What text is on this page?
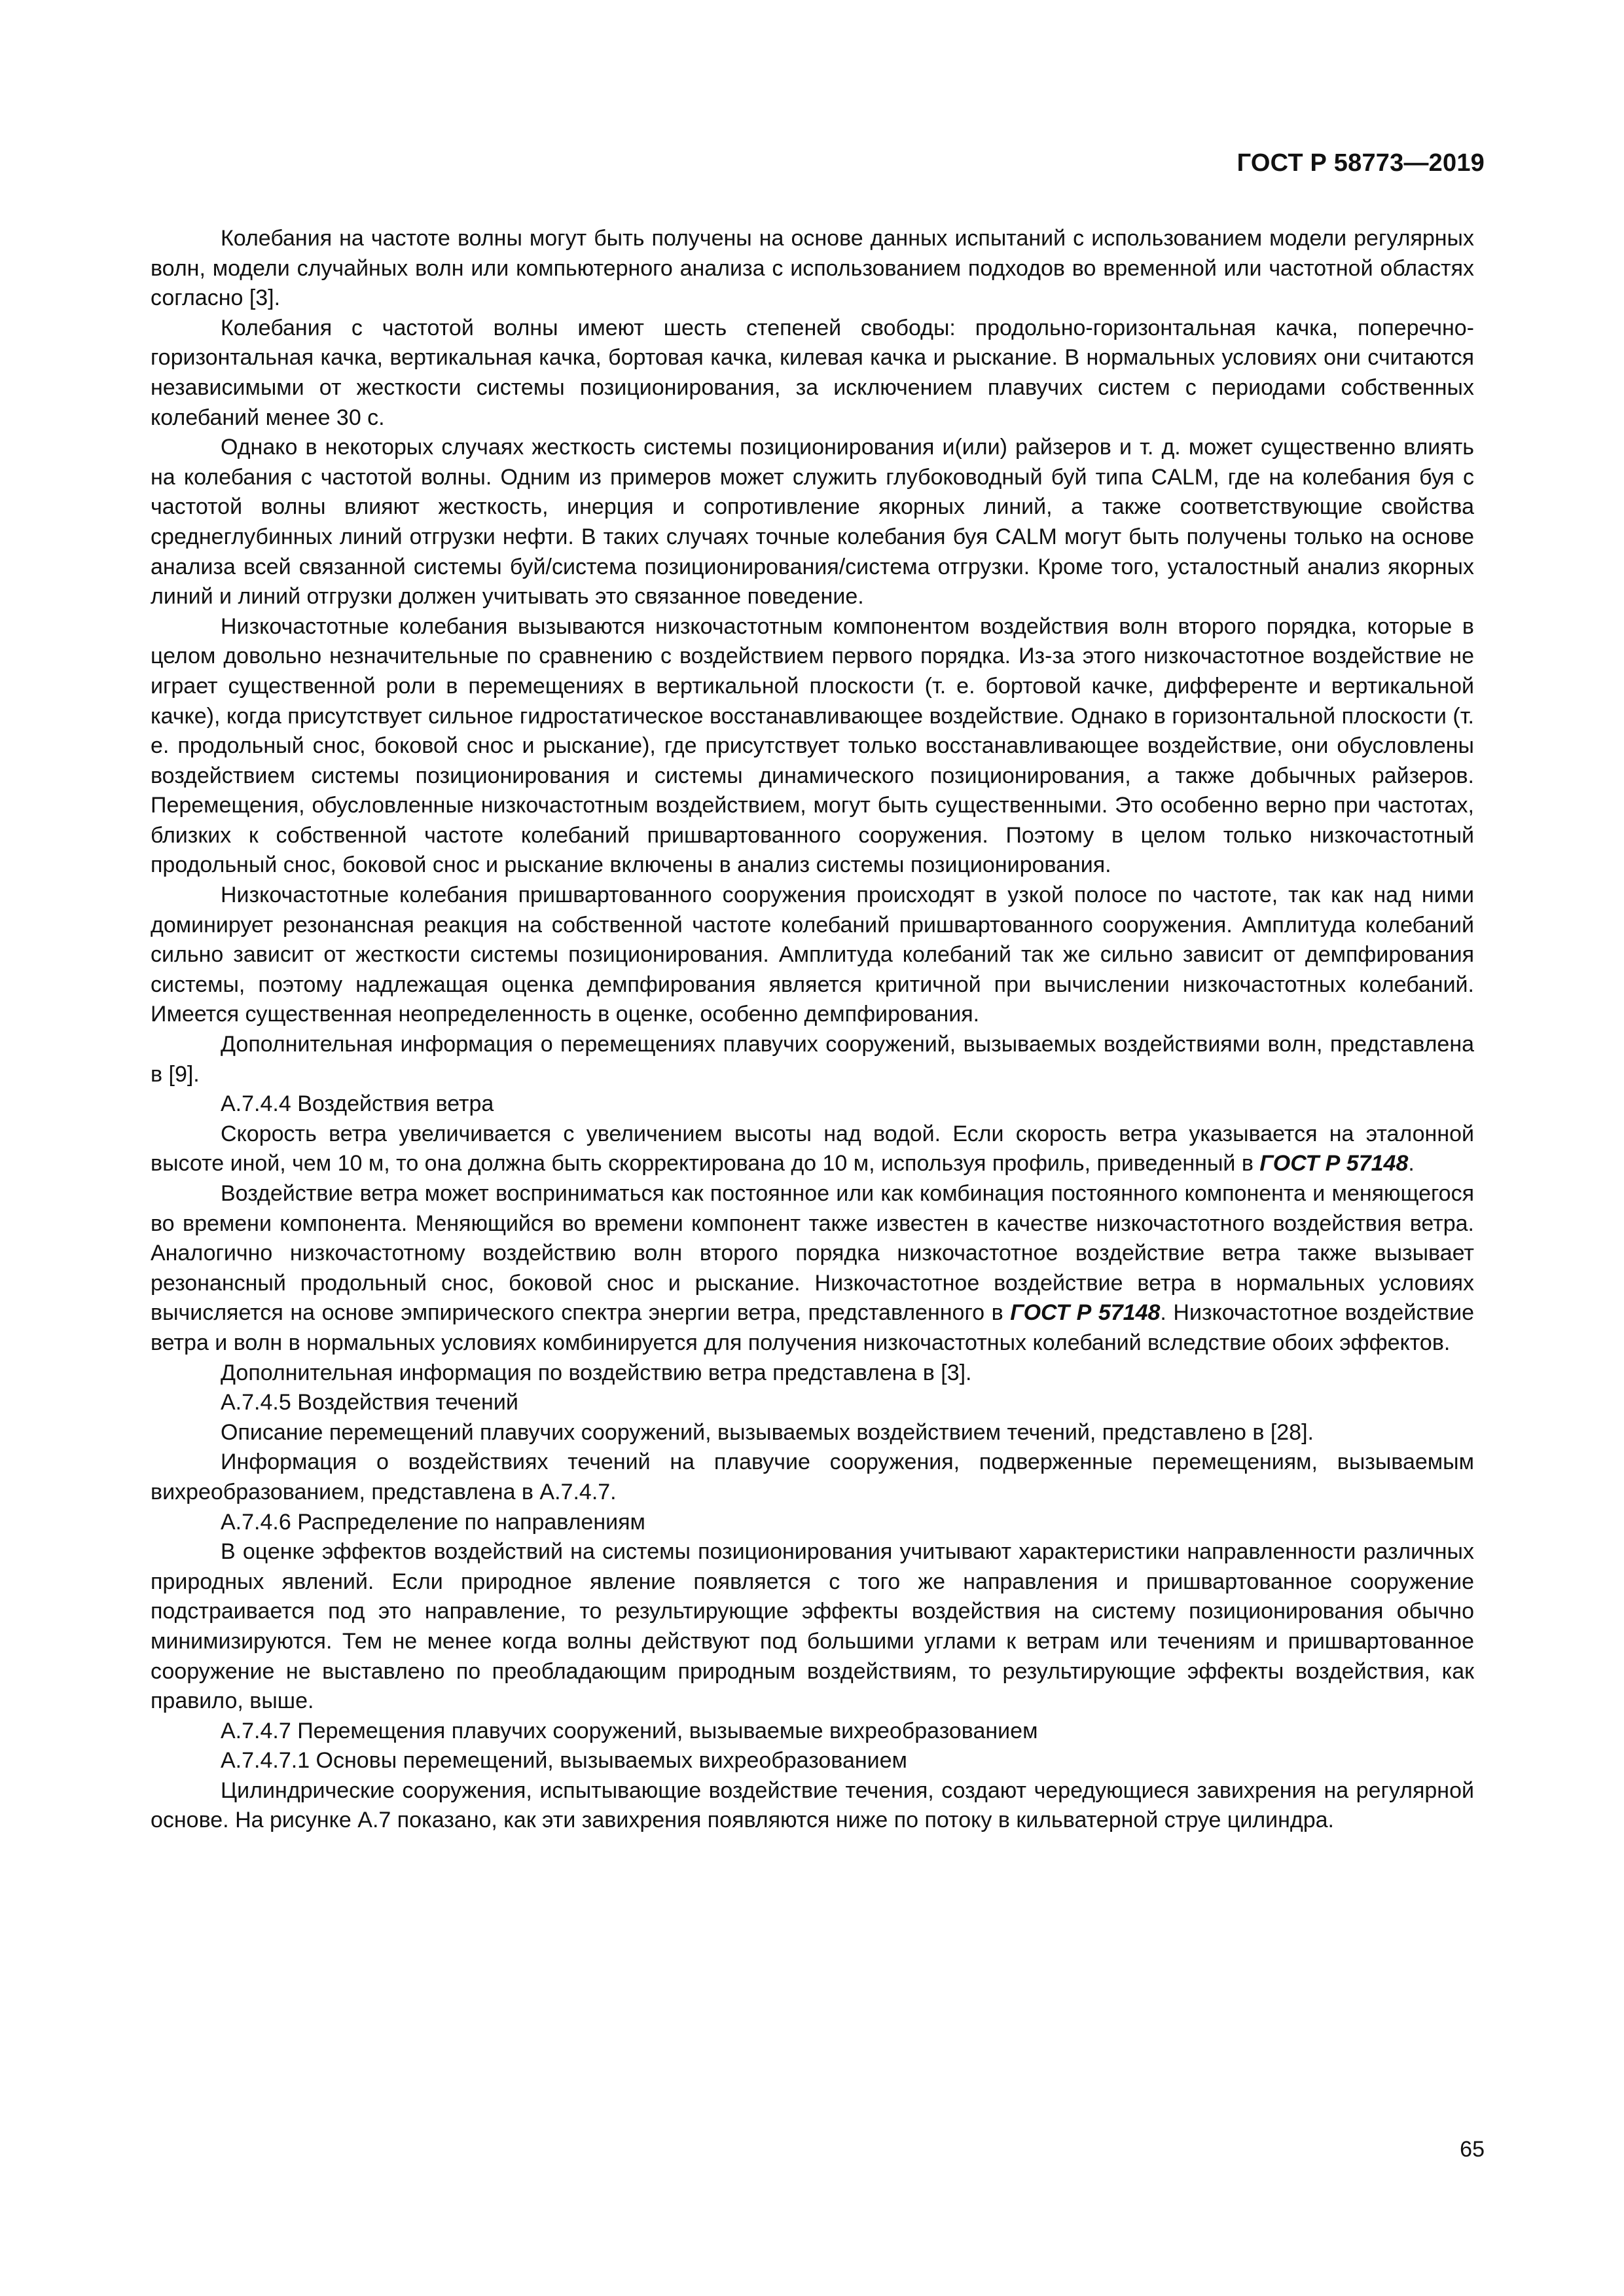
ГОСТ Р 58773—2019

Колебания на частоте волны могут быть получены на основе данных испытаний с использованием модели регулярных волн, модели случайных волн или компьютерного анализа с использованием подходов во временной или частотной областях согласно [3].

Колебания с частотой волны имеют шесть степеней свободы: продольно-горизонтальная качка, поперечно-горизонтальная качка, вертикальная качка, бортовая качка, килевая качка и рыскание. В нормальных условиях они считаются независимыми от жесткости системы позиционирования, за исключением плавучих систем с периодами собственных колебаний менее 30 с.

Однако в некоторых случаях жесткость системы позиционирования и(или) райзеров и т. д. может существенно влиять на колебания с частотой волны. Одним из примеров может служить глубоководный буй типа CALM, где на колебания буя с частотой волны влияют жесткость, инерция и сопротивление якорных линий, а также соответствующие свойства среднеглубинных линий отгрузки нефти. В таких случаях точные колебания буя CALM могут быть получены только на основе анализа всей связанной системы буй/система позиционирования/система отгрузки. Кроме того, усталостный анализ якорных линий и линий отгрузки должен учитывать это связанное поведение.

Низкочастотные колебания вызываются низкочастотным компонентом воздействия волн второго порядка, которые в целом довольно незначительные по сравнению с воздействием первого порядка. Из-за этого низкочастотное воздействие не играет существенной роли в перемещениях в вертикальной плоскости (т. е. бортовой качке, дифференте и вертикальной качке), когда присутствует сильное гидростатическое восстанавливающее воздействие. Однако в горизонтальной плоскости (т. е. продольный снос, боковой снос и рыскание), где присутствует только восстанавливающее воздействие, они обусловлены воздействием системы позиционирования и системы динамического позиционирования, а также добычных райзеров. Перемещения, обусловленные низкочастотным воздействием, могут быть существенными. Это особенно верно при частотах, близких к собственной частоте колебаний пришвартованного сооружения. Поэтому в целом только низкочастотный продольный снос, боковой снос и рыскание включены в анализ системы позиционирования.

Низкочастотные колебания пришвартованного сооружения происходят в узкой полосе по частоте, так как над ними доминирует резонансная реакция на собственной частоте колебаний пришвартованного сооружения. Амплитуда колебаний сильно зависит от жесткости системы позиционирования. Амплитуда колебаний так же сильно зависит от демпфирования системы, поэтому надлежащая оценка демпфирования является критичной при вычислении низкочастотных колебаний. Имеется существенная неопределенность в оценке, особенно демпфирования.

Дополнительная информация о перемещениях плавучих сооружений, вызываемых воздействиями волн, представлена в [9].

А.7.4.4 Воздействия ветра

Скорость ветра увеличивается с увеличением высоты над водой. Если скорость ветра указывается на эталонной высоте иной, чем 10 м, то она должна быть скорректирована до 10 м, используя профиль, приведенный в ГОСТ Р 57148.

Воздействие ветра может восприниматься как постоянное или как комбинация постоянного компонента и меняющегося во времени компонента. Меняющийся во времени компонент также известен в качестве низкочастотного воздействия ветра. Аналогично низкочастотному воздействию волн второго порядка низкочастотное воздействие ветра также вызывает резонансный продольный снос, боковой снос и рыскание. Низкочастотное воздействие ветра в нормальных условиях вычисляется на основе эмпирического спектра энергии ветра, представленного в ГОСТ Р 57148. Низкочастотное воздействие ветра и волн в нормальных условиях комбинируется для получения низкочастотных колебаний вследствие обоих эффектов.

Дополнительная информация по воздействию ветра представлена в [3].

А.7.4.5 Воздействия течений

Описание перемещений плавучих сооружений, вызываемых воздействием течений, представлено в [28].

Информация о воздействиях течений на плавучие сооружения, подверженные перемещениям, вызываемым вихреобразованием, представлена в А.7.4.7.

А.7.4.6 Распределение по направлениям

В оценке эффектов воздействий на системы позиционирования учитывают характеристики направленности различных природных явлений. Если природное явление появляется с того же направления и пришвартованное сооружение подстраивается под это направление, то результирующие эффекты воздействия на систему позиционирования обычно минимизируются. Тем не менее когда волны действуют под большими углами к ветрам или течениям и пришвартованное сооружение не выставлено по преобладающим природным воздействиям, то результирующие эффекты воздействия, как правило, выше.

А.7.4.7 Перемещения плавучих сооружений, вызываемые вихреобразованием

А.7.4.7.1 Основы перемещений, вызываемых вихреобразованием

Цилиндрические сооружения, испытывающие воздействие течения, создают чередующиеся завихрения на регулярной основе. На рисунке А.7 показано, как эти завихрения появляются ниже по потоку в кильватерной струе цилиндра.

65
